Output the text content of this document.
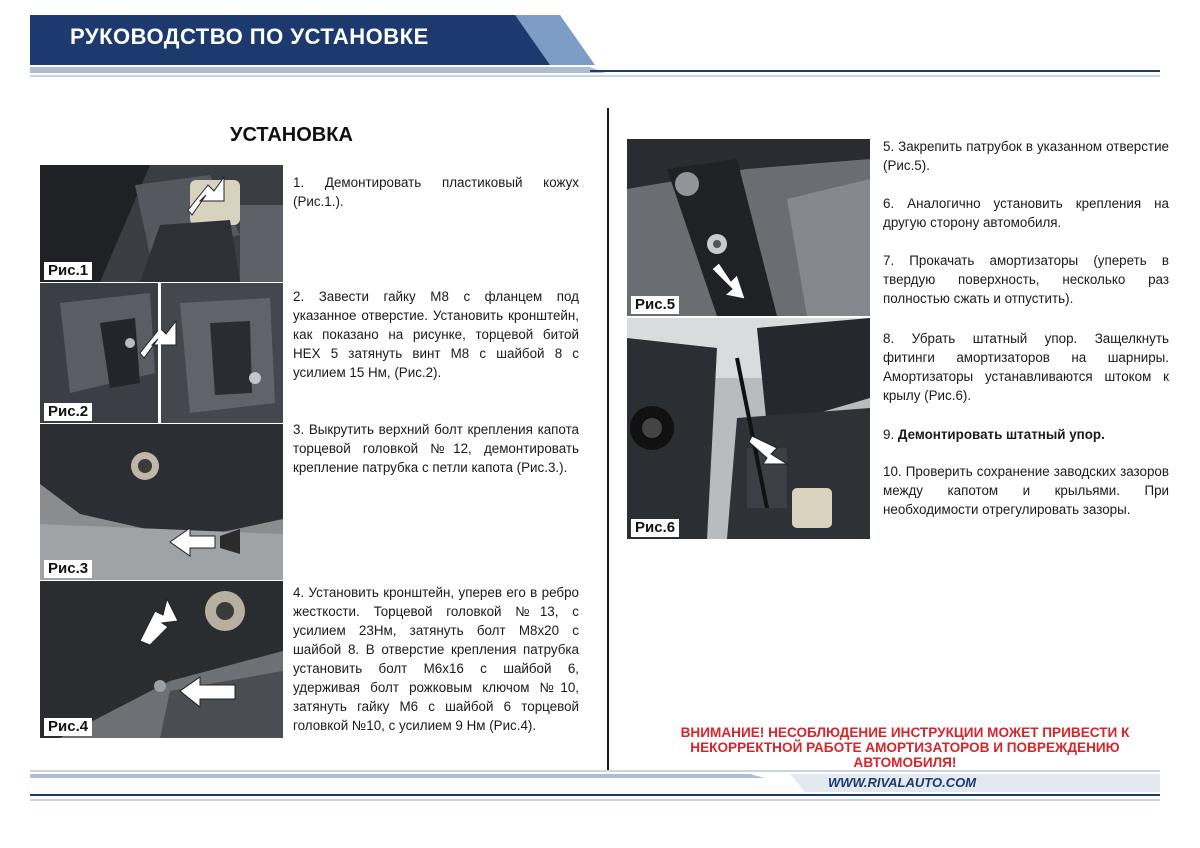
РУКОВОДСТВО ПО УСТАНОВКЕ
УСТАНОВКА
Рис.1
Рис.2
Рис.3
Рис.4

1. Демонтировать пластиковый кожух (Рис.1.).

2. Завести гайку М8 с фланцем под указанное отверстие. Установить кронштейн, как показано на рисунке, торцевой битой HEX 5 затянуть винт М8 с шайбой 8 с усилием 15 Нм, (Рис.2).

3. Выкрутить верхний болт крепления капота торцевой головкой №12, демонтировать крепление патрубка с петли капота (Рис.3.).

4. Установить кронштейн, уперев его в ребро жесткости. Торцевой головкой №13, с усилием 23Нм, затянуть болт М8х20 с шайбой 8. В отверстие крепления патрубка установить болт М6х16 с шайбой 6, удерживая болт рожковым ключом №10, затянуть гайку М6 с шайбой 6 торцевой головкой №10, с усилием 9 Нм (Рис.4).

Рис.5
Рис.6

5. Закрепить патрубок в указанном отверстие (Рис.5).

6. Аналогично установить крепления на другую сторону автомобиля.

7. Прокачать амортизаторы (упереть в твердую поверхность, несколько раз полностью сжать и отпустить).

8. Убрать штатный упор. Защелкнуть фитинги амортизаторов на шарниры. Амортизаторы устанавливаются штоком к крылу (Рис.6).

9. Демонтировать штатный упор.

10. Проверить сохранение заводских зазоров между капотом и крыльями. При необходимости отрегулировать зазоры.

ВНИМАНИЕ! НЕСОБЛЮДЕНИЕ ИНСТРУКЦИИ МОЖЕТ ПРИВЕСТИ К
НЕКОРРЕКТНОЙ РАБОТЕ АМОРТИЗАТОРОВ И ПОВРЕЖДЕНИЮ
АВТОМОБИЛЯ!
WWW.RIVALAUTO.COM
